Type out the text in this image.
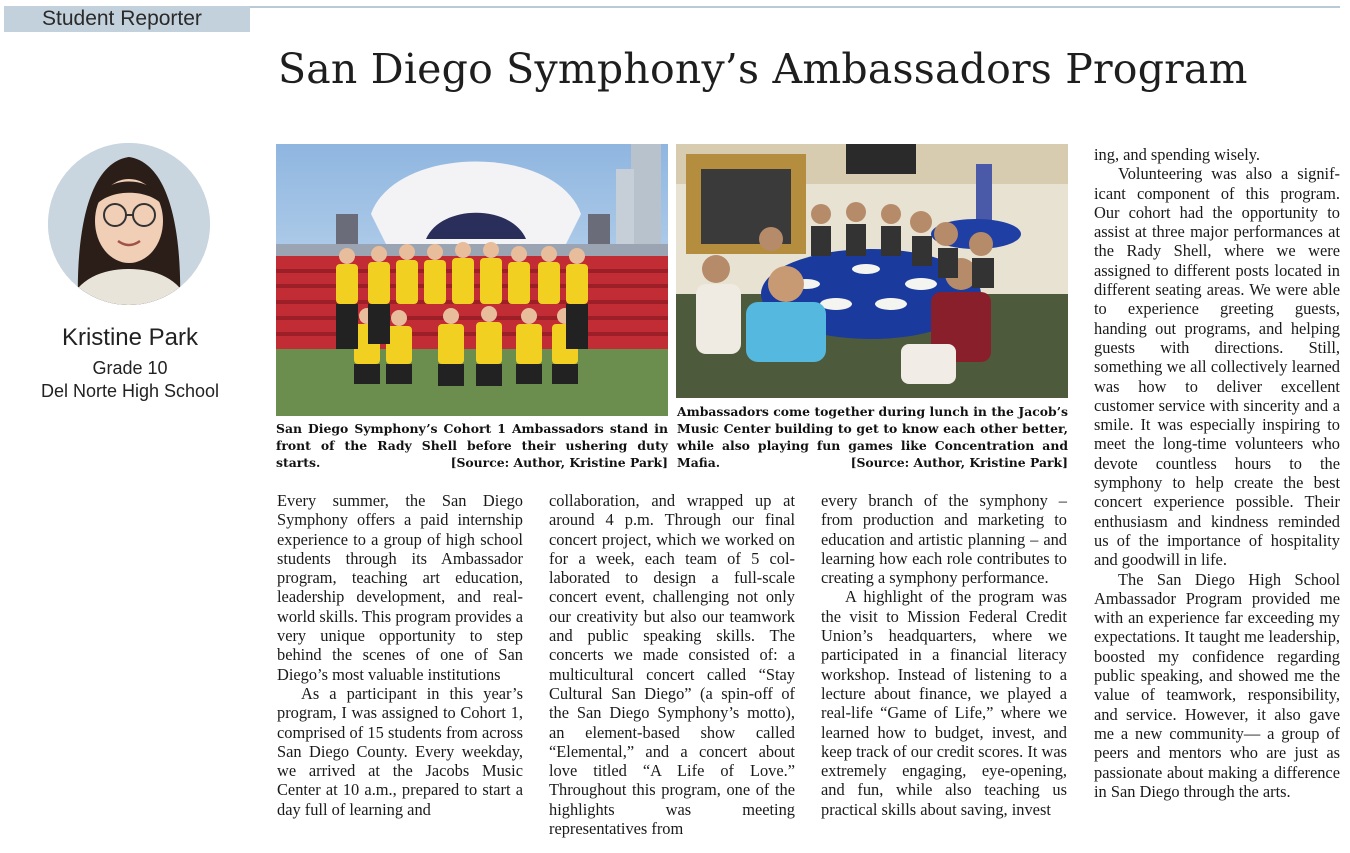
Student Reporter
San Diego Symphony’s Ambassadors Program
Kristine Park
Grade 10
Del Norte High School
San Diego Symphony’s Cohort 1 Ambassadors stand in front of the Rady Shell before their ushering duty starts.	[Source: Author, Kristine Park]
Ambassadors come together during lunch in the Jacob’s Music Center building to get to know each other better, while also playing fun games like Concentration and Mafia.	[Source: Author, Kristine Park]

Every summer, the San Diego Symphony offers a paid internship experience to a group of high school students through its Ambassador program, teaching art education, leadership development, and real-world skills. This program provides a very unique opportunity to step behind the scenes of one of San Diego’s most valuable institutions

As a participant in this year’s program, I was assigned to Cohort 1, comprised of 15 students from across San Diego County. Every weekday, we arrived at the Jacobs Music Center at 10 a.m., prepared to start a day full of learning and

collaboration, and wrapped up at around 4 p.m. Through our final concert project, which we worked on for a week, each team of 5 collaborated to design a full-scale concert event, challenging not only our creativity but also our teamwork and public speaking skills. The concerts we made consisted of: a multicultural concert called “Stay Cultural San Diego” (a spin-off of the San Diego Symphony’s motto), an element-based show called “Elemental,” and a concert about love titled “A Life of Love.” Throughout this program, one of the highlights was meeting representatives from

every branch of the symphony – from production and marketing to education and artistic planning – and learning how each role contributes to creating a symphony performance.

A highlight of the program was the visit to Mission Federal Credit Union’s headquarters, where we participated in a financial literacy workshop. Instead of listening to a lecture about finance, we played a real-life “Game of Life,” where we learned how to budget, invest, and keep track of our credit scores. It was extremely engaging, eye-opening, and fun, while also teaching us practical skills about saving, invest

ing, and spending wisely.

Volunteering was also a significant component of this program. Our cohort had the opportunity to assist at three major performances at the Rady Shell, where we were assigned to different posts located in different seating areas. We were able to experience greeting guests, handing out programs, and helping guests with directions. Still, something we all collectively learned was how to deliver excellent customer service with sincerity and a smile. It was especially inspiring to meet the long-time volunteers who devote countless hours to the symphony to help create the best concert experience possible. Their enthusiasm and kindness reminded us of the importance of hospitality and goodwill in life.

The San Diego High School Ambassador Program provided me with an experience far exceeding my expectations. It taught me leadership, boosted my confidence regarding public speaking, and showed me the value of teamwork, responsibility, and service. However, it also gave me a new community— a group of peers and mentors who are just as passionate about making a difference in San Diego through the arts.
